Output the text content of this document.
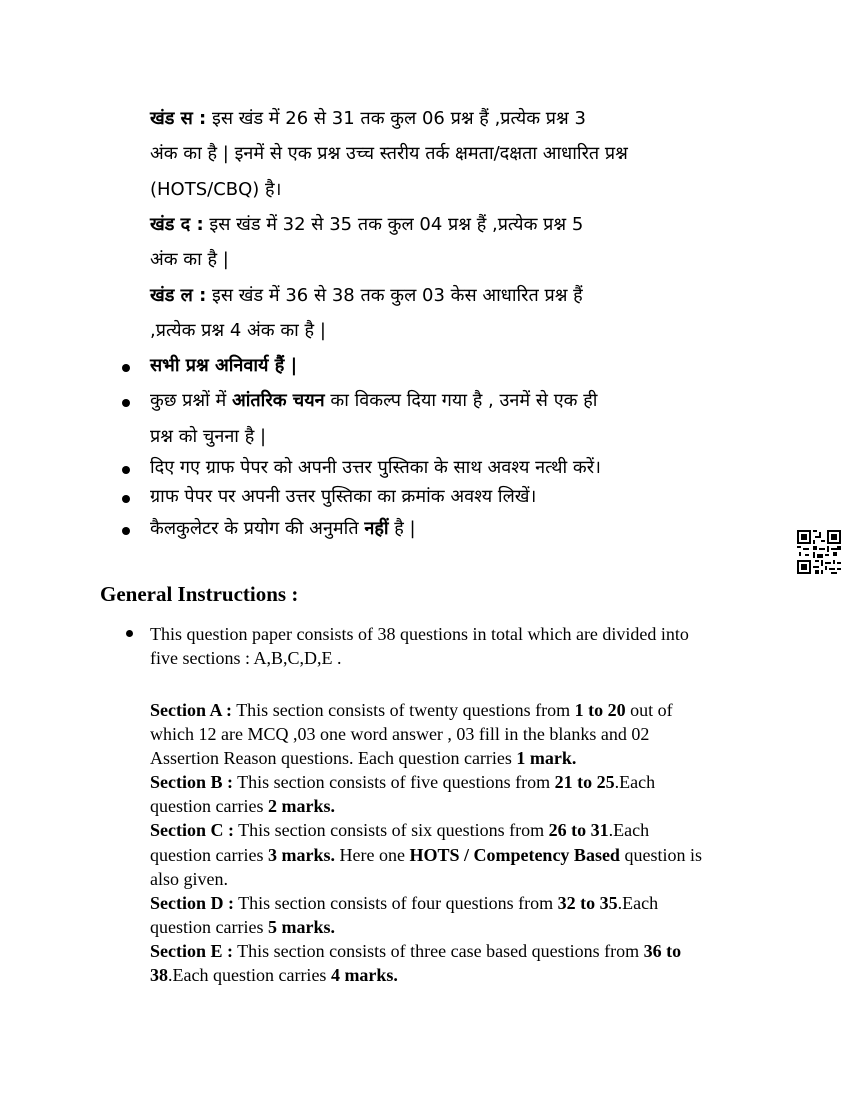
खंड स : इस खंड में 26 से 31 तक कुल 06 प्रश्न हैं ,प्रत्येक प्रश्न 3
अंक का है | इनमें से एक प्रश्न उच्च स्तरीय तर्क क्षमता/दक्षता आधारित प्रश्न
(HOTS/CBQ) है।
खंड द : इस खंड में 32 से 35 तक कुल 04 प्रश्न हैं ,प्रत्येक प्रश्न 5
अंक का है |
खंड ल : इस खंड में 36 से 38 तक कुल 03 केस आधारित प्रश्न हैं
,प्रत्येक प्रश्न 4 अंक का है |
सभी प्रश्न अनिवार्य हैं |
कुछ प्रश्नों में आंतरिक चयन का विकल्प दिया गया है , उनमें से एक ही
प्रश्न को चुनना है |
दिए गए ग्राफ पेपर को अपनी उत्तर पुस्तिका के साथ अवश्य नत्थी करें।
ग्राफ पेपर पर अपनी उत्तर पुस्तिका का क्रमांक अवश्य लिखें।
कैलकुलेटर के प्रयोग की अनुमति नहीं है |
General Instructions :
This question paper consists of 38 questions in total which are divided into
five sections : A,B,C,D,E .
Section A : This section consists of twenty questions from 1 to 20 out of
which 12 are MCQ ,03 one word answer , 03 fill in the blanks and 02
Assertion Reason questions. Each question carries 1 mark.
Section B : This section consists of five questions from 21 to 25.Each
question carries 2 marks.
Section C : This section consists of six questions from 26 to 31.Each
question carries 3 marks. Here one HOTS / Competency Based question is
also given.
Section D : This section consists of four questions from 32 to 35.Each
question carries 5 marks.
Section E : This section consists of three case based questions from 36 to
38.Each question carries 4 marks.
